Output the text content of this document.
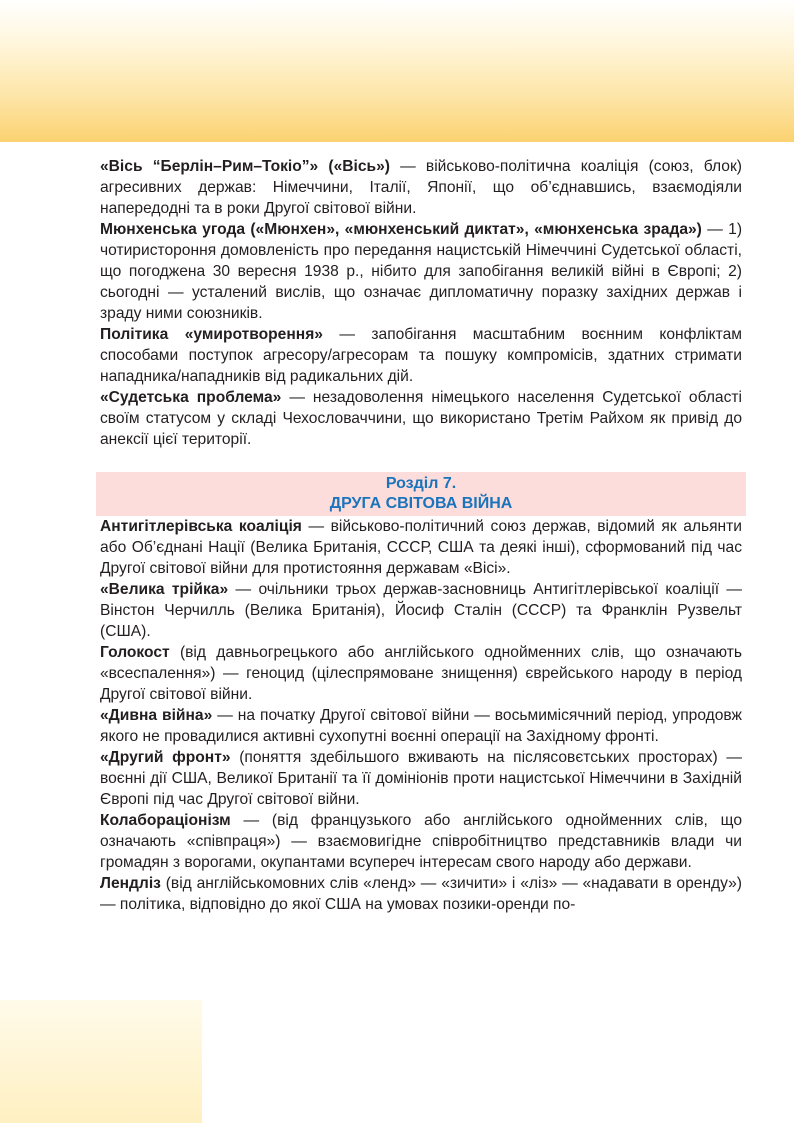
«Вісь “Берлін–Рим–Токіо”» («Вісь») — військово-політична коаліція (союз, блок) агресивних держав: Німеччини, Італії, Японії, що об’єднавшись, взаємодіяли напередодні та в роки Другої світової війни.

Мюнхенська угода («Мюнхен», «мюнхенський диктат», «мюнхенська зрада») — 1) чотиристороння домовленість про передання нацистській Німеччині Судетської області, що погоджена 30 вересня 1938 р., нібито для запобігання великій війні в Європі; 2) сьогодні — усталений вислів, що означає дипломатичну поразку західних держав і зраду ними союзників.

Політика «умиротворення» — запобігання масштабним воєнним конфліктам способами поступок агресору/агресорам та пошуку компромісів, здатних стримати нападника/нападників від радикальних дій.

«Судетська проблема» — незадоволення німецького населення Судетської області своїм статусом у складі Чехословаччини, що використано Третім Райхом як привід до анексії цієї території.

Розділ 7.
ДРУГА СВІТОВА ВІЙНА

Антигітлерівська коаліція — військово-політичний союз держав, відомий як альянти або Об’єднані Нації (Велика Британія, СССР, США та деякі інші), сформований під час Другої світової війни для протистояння державам «Вісі».

«Велика трійка» — очільники трьох держав-засновниць Антигітлерівської коаліції — Вінстон Черчилль (Велика Британія), Йосиф Сталін (СССР) та Франклін Рузвельт (США).

Голокост (від давньогрецького або англійського однойменних слів, що означають «всеспалення») — геноцид (цілеспрямоване знищення) єврейського народу в період Другої світової війни.

«Дивна війна» — на початку Другої світової війни — восьмимісячний період, упродовж якого не провадилися активні сухопутні воєнні операції на Західному фронті.

«Другий фронт» (поняття здебільшого вживають на післясовєтських просторах) — воєнні дії США, Великої Британії та її домініонів проти нацистської Німеччини в Західній Європі під час Другої світової війни.

Колабораціонізм — (від французького або англійського однойменних слів, що означають «співпраця») — взаємовигідне співробітництво представників влади чи громадян з ворогами, окупантами всупереч інтересам свого народу або держави.

Лендліз (від англійськомовних слів «ленд» — «зичити» і «ліз» — «надавати в оренду») — політика, відповідно до якої США на умовах позики-оренди по-
